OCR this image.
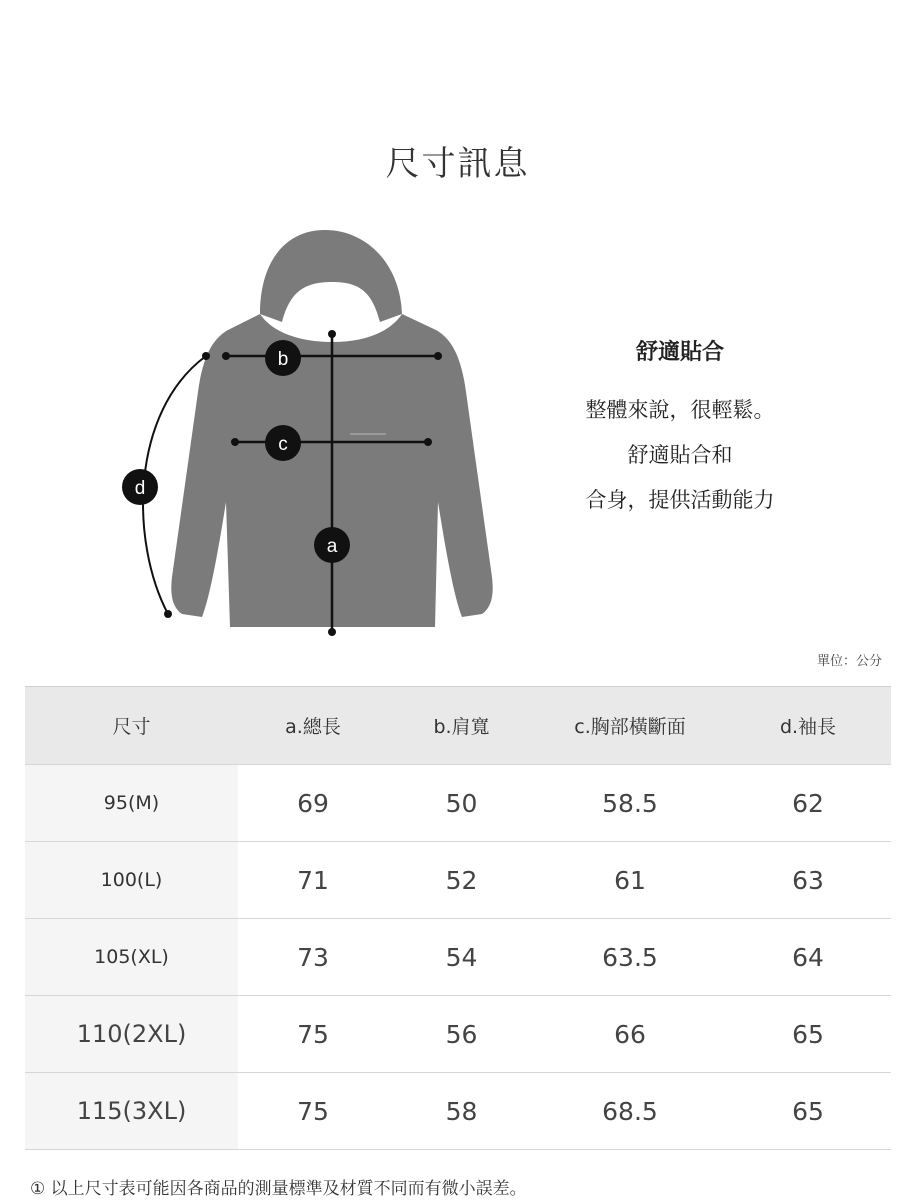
尺寸訊息
b
c
d
a
舒適貼合
整體來說，很輕鬆。
舒適貼合和
合身，提供活動能力
單位：公分
尺寸	a.總長	b.肩寬	c.胸部橫斷面	d.袖長
95(M)	69	50	58.5	62
100(L)	71	52	61	63
105(XL)	73	54	63.5	64
110(2XL)	75	56	66	65
115(3XL)	75	58	68.5	65
① 以上尺寸表可能因各商品的測量標準及材質不同而有微小誤差。
